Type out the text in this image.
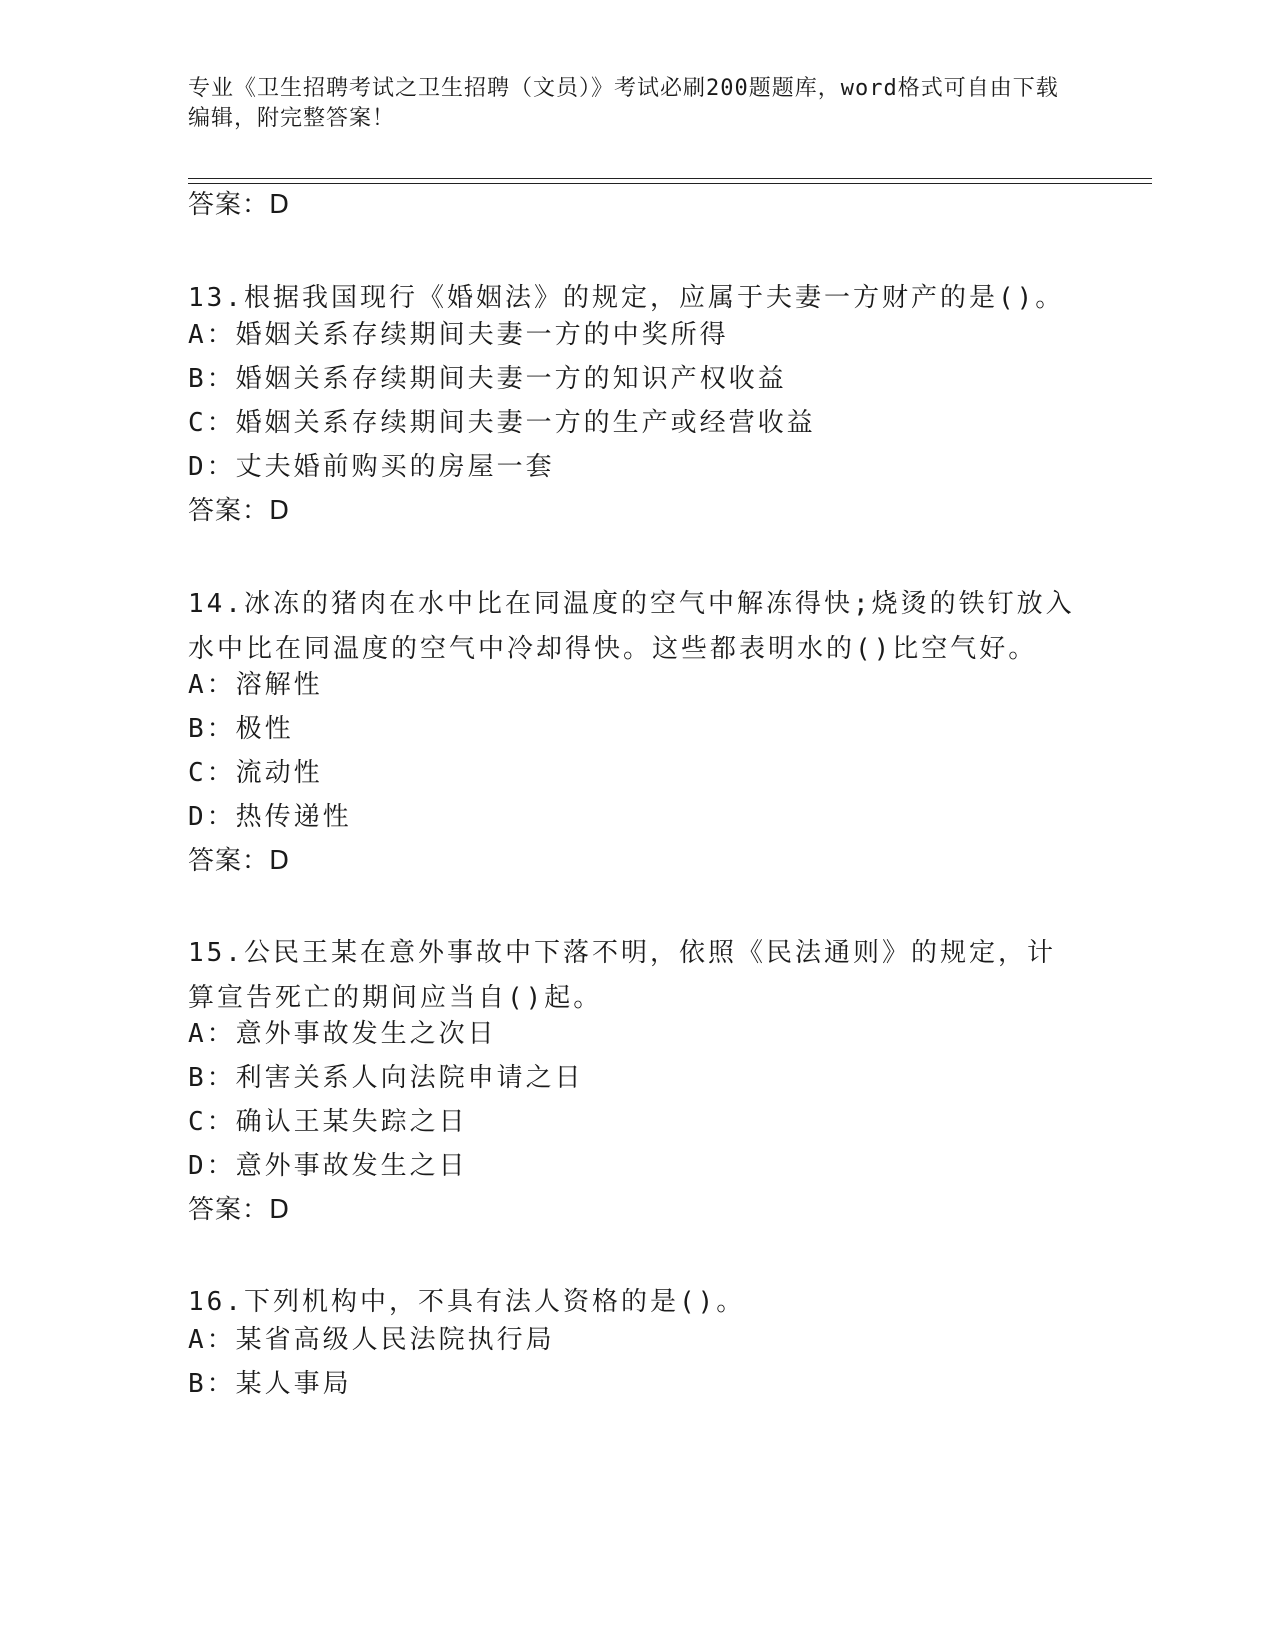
专业《卫生招聘考试之卫生招聘（文员）》考试必刷200题题库，word格式可自由下载编辑，附完整答案！
答案：D
13.根据我国现行《婚姻法》的规定，应属于夫妻一方财产的是()。
A：婚姻关系存续期间夫妻一方的中奖所得
B：婚姻关系存续期间夫妻一方的知识产权收益
C：婚姻关系存续期间夫妻一方的生产或经营收益
D：丈夫婚前购买的房屋一套
答案：D
14.冰冻的猪肉在水中比在同温度的空气中解冻得快;烧烫的铁钉放入水中比在同温度的空气中冷却得快。这些都表明水的()比空气好。
A：溶解性
B：极性
C：流动性
D：热传递性
答案：D
15.公民王某在意外事故中下落不明，依照《民法通则》的规定，计算宣告死亡的期间应当自()起。
A：意外事故发生之次日
B：利害关系人向法院申请之日
C：确认王某失踪之日
D：意外事故发生之日
答案：D
16.下列机构中，不具有法人资格的是()。
A：某省高级人民法院执行局
B：某人事局
